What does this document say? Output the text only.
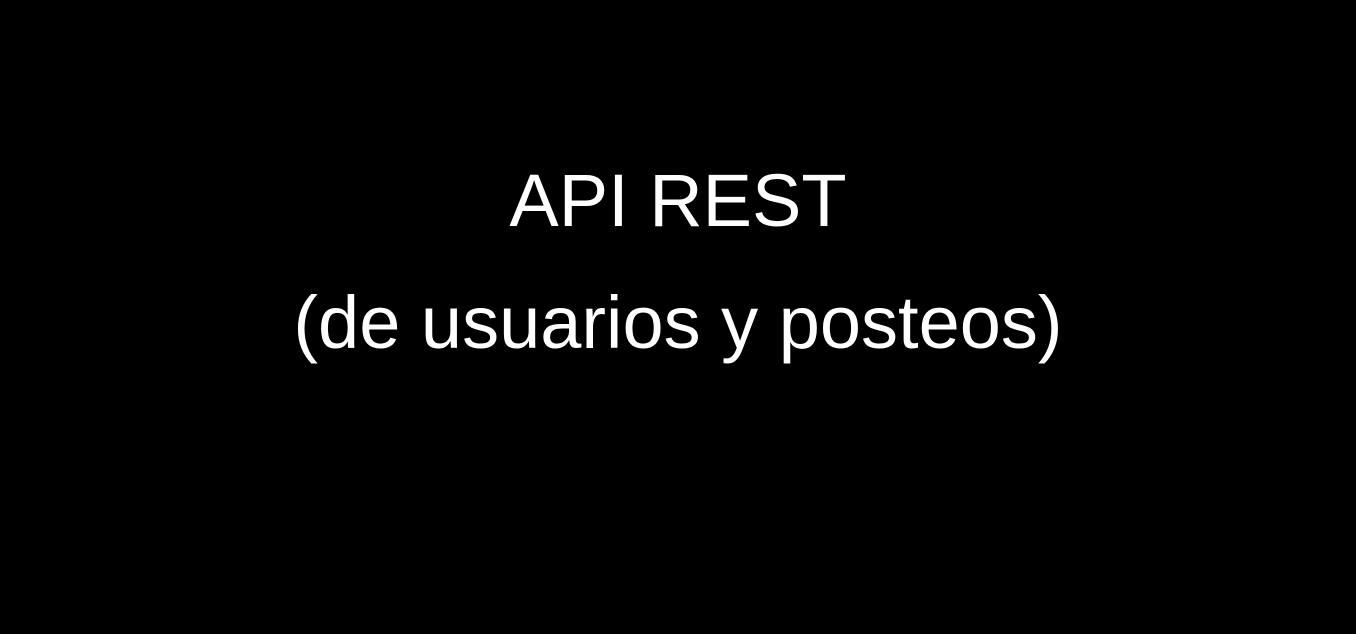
API REST
(de usuarios y posteos)
